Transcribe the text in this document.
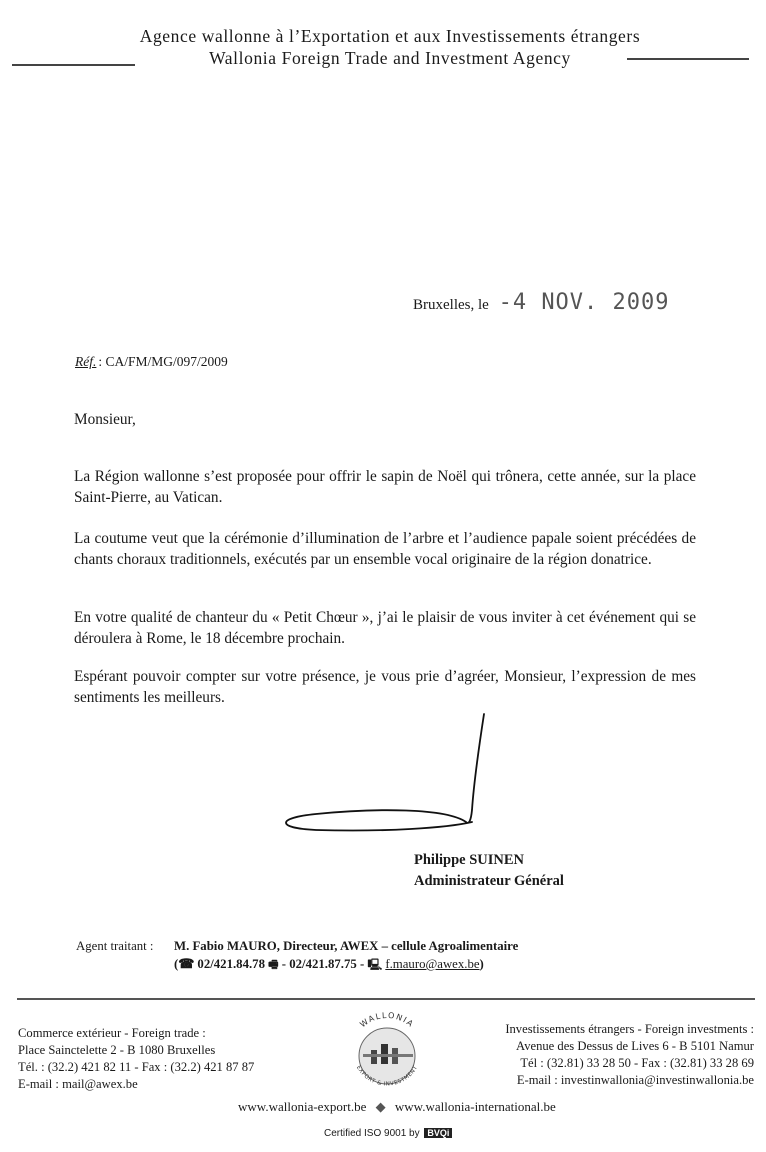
Agence wallonne à l’Exportation et aux Investissements étrangers
Wallonia Foreign Trade and Investment Agency
Bruxelles, le -4 NOV. 2009
Réf. : CA/FM/MG/097/2009
Monsieur,
La Région wallonne s’est proposée pour offrir le sapin de Noël qui trônera, cette année, sur la place Saint-Pierre, au Vatican.
La coutume veut que la cérémonie d’illumination de l’arbre et l’audience papale soient précédées de chants choraux traditionnels, exécutés par un ensemble vocal originaire de la région donatrice.
En votre qualité de chanteur du « Petit Chœur », j’ai le plaisir de vous inviter à cet événement qui se déroulera à Rome, le 18 décembre prochain.
Espérant pouvoir compter sur votre présence, je vous prie d’agréer, Monsieur, l’expression de mes sentiments les meilleurs.
Philippe SUINEN
Administrateur Général
Agent traitant : M. Fabio MAURO, Directeur, AWEX – cellule Agroalimentaire
(☎ 02/421.84.78 🖷 - 02/421.87.75 - 🖳 f.mauro@awex.be)
Commerce extérieur - Foreign trade :
Place Sainctelette 2 - B 1080 Bruxelles
Tél. : (32.2) 421 82 11 - Fax : (32.2) 421 87 87
E-mail : mail@awex.be
WALLONIA
EXPORT & INVESTMENT
Investissements étrangers - Foreign investments :
Avenue des Dessus de Lives 6 - B 5101 Namur
Tél : (32.81) 33 28 50 - Fax : (32.81) 33 28 69
E-mail : investinwallonia@investinwallonia.be
www.wallonia-export.be ◆ www.wallonia-international.be
Certified ISO 9001 by BVQi
